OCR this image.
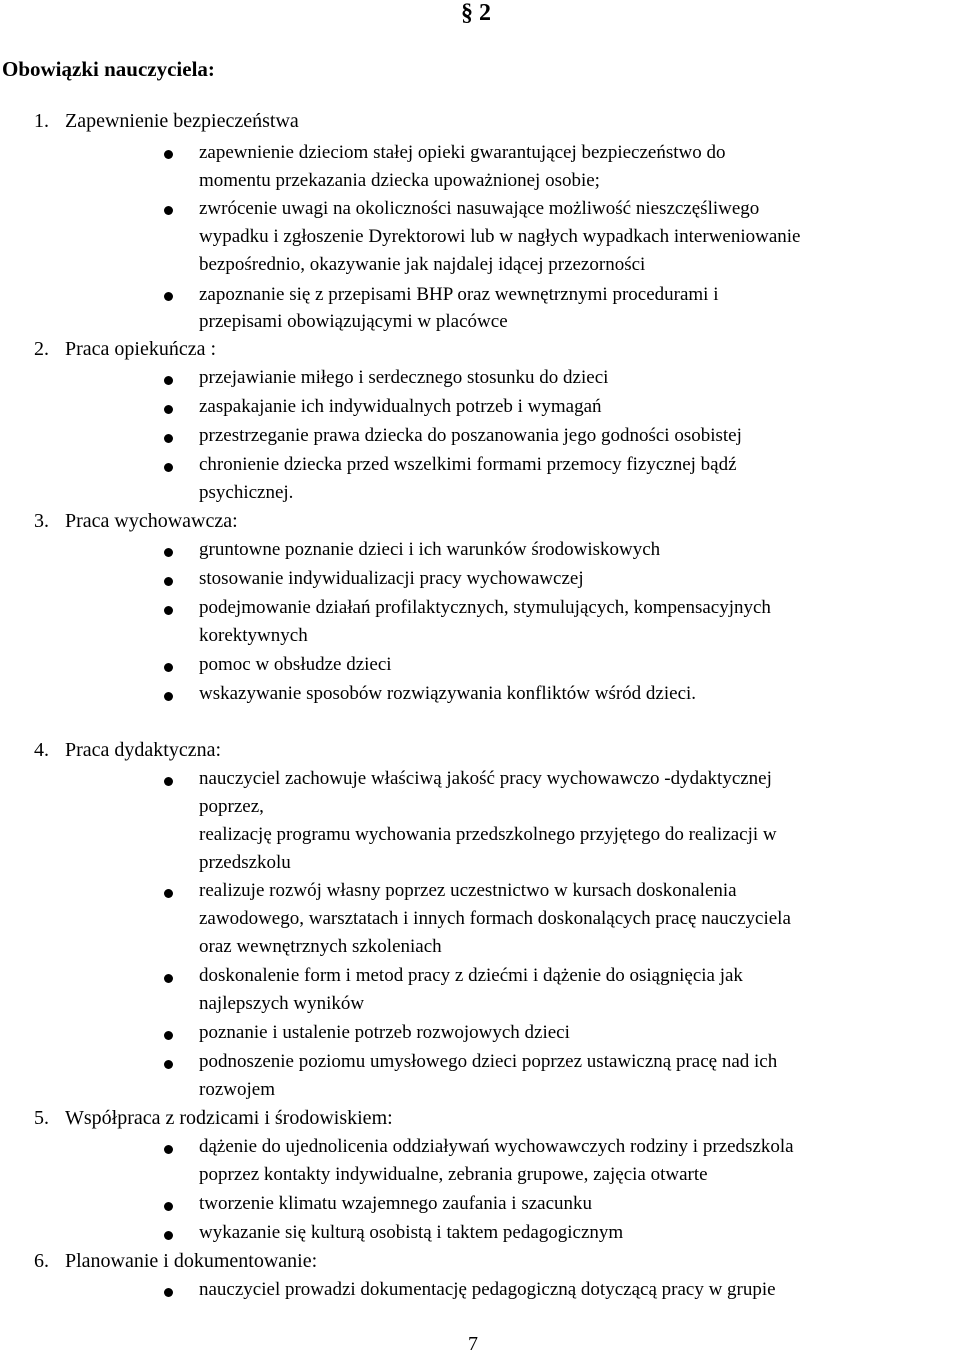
§ 2
Obowiązki nauczyciela:
1. Zapewnienie bezpieczeństwa
zapewnienie dzieciom stałej opieki gwarantującej bezpieczeństwo do
momentu przekazania dziecka upoważnionej osobie;
zwrócenie uwagi na okoliczności nasuwające możliwość nieszczęśliwego
wypadku i zgłoszenie Dyrektorowi lub w nagłych wypadkach interweniowanie
bezpośrednio, okazywanie jak najdalej idącej przezorności
zapoznanie się z przepisami BHP oraz wewnętrznymi procedurami i
przepisami obowiązującymi w placówce
2. Praca opiekuńcza :
przejawianie miłego i serdecznego stosunku do dzieci
zaspakajanie ich indywidualnych potrzeb i wymagań
przestrzeganie prawa dziecka do poszanowania jego godności osobistej
chronienie dziecka przed wszelkimi formami przemocy fizycznej bądź
psychicznej.
3. Praca wychowawcza:
gruntowne poznanie dzieci i ich warunków środowiskowych
stosowanie indywidualizacji pracy wychowawczej
podejmowanie działań profilaktycznych, stymulujących, kompensacyjnych
korektywnych
pomoc w obsłudze dzieci
wskazywanie sposobów rozwiązywania konfliktów wśród dzieci.
4. Praca dydaktyczna:
nauczyciel zachowuje właściwą jakość pracy wychowawczo -dydaktycznej
poprzez,
realizację programu wychowania przedszkolnego przyjętego do realizacji w
przedszkolu
realizuje rozwój własny poprzez uczestnictwo w kursach doskonalenia
zawodowego, warsztatach i innych formach doskonalących pracę nauczyciela
oraz wewnętrznych szkoleniach
doskonalenie form i metod pracy z dziećmi i dążenie do osiągnięcia jak
najlepszych wyników
poznanie i ustalenie potrzeb rozwojowych dzieci
podnoszenie poziomu umysłowego dzieci poprzez ustawiczną pracę nad ich
rozwojem
5. Współpraca z rodzicami i środowiskiem:
dążenie do ujednolicenia oddziaływań wychowawczych rodziny i przedszkola
poprzez kontakty indywidualne, zebrania grupowe, zajęcia otwarte
tworzenie klimatu wzajemnego zaufania i szacunku
wykazanie się kulturą osobistą i taktem pedagogicznym
6. Planowanie i dokumentowanie:
nauczyciel prowadzi dokumentację pedagogiczną dotyczącą pracy w grupie
7
